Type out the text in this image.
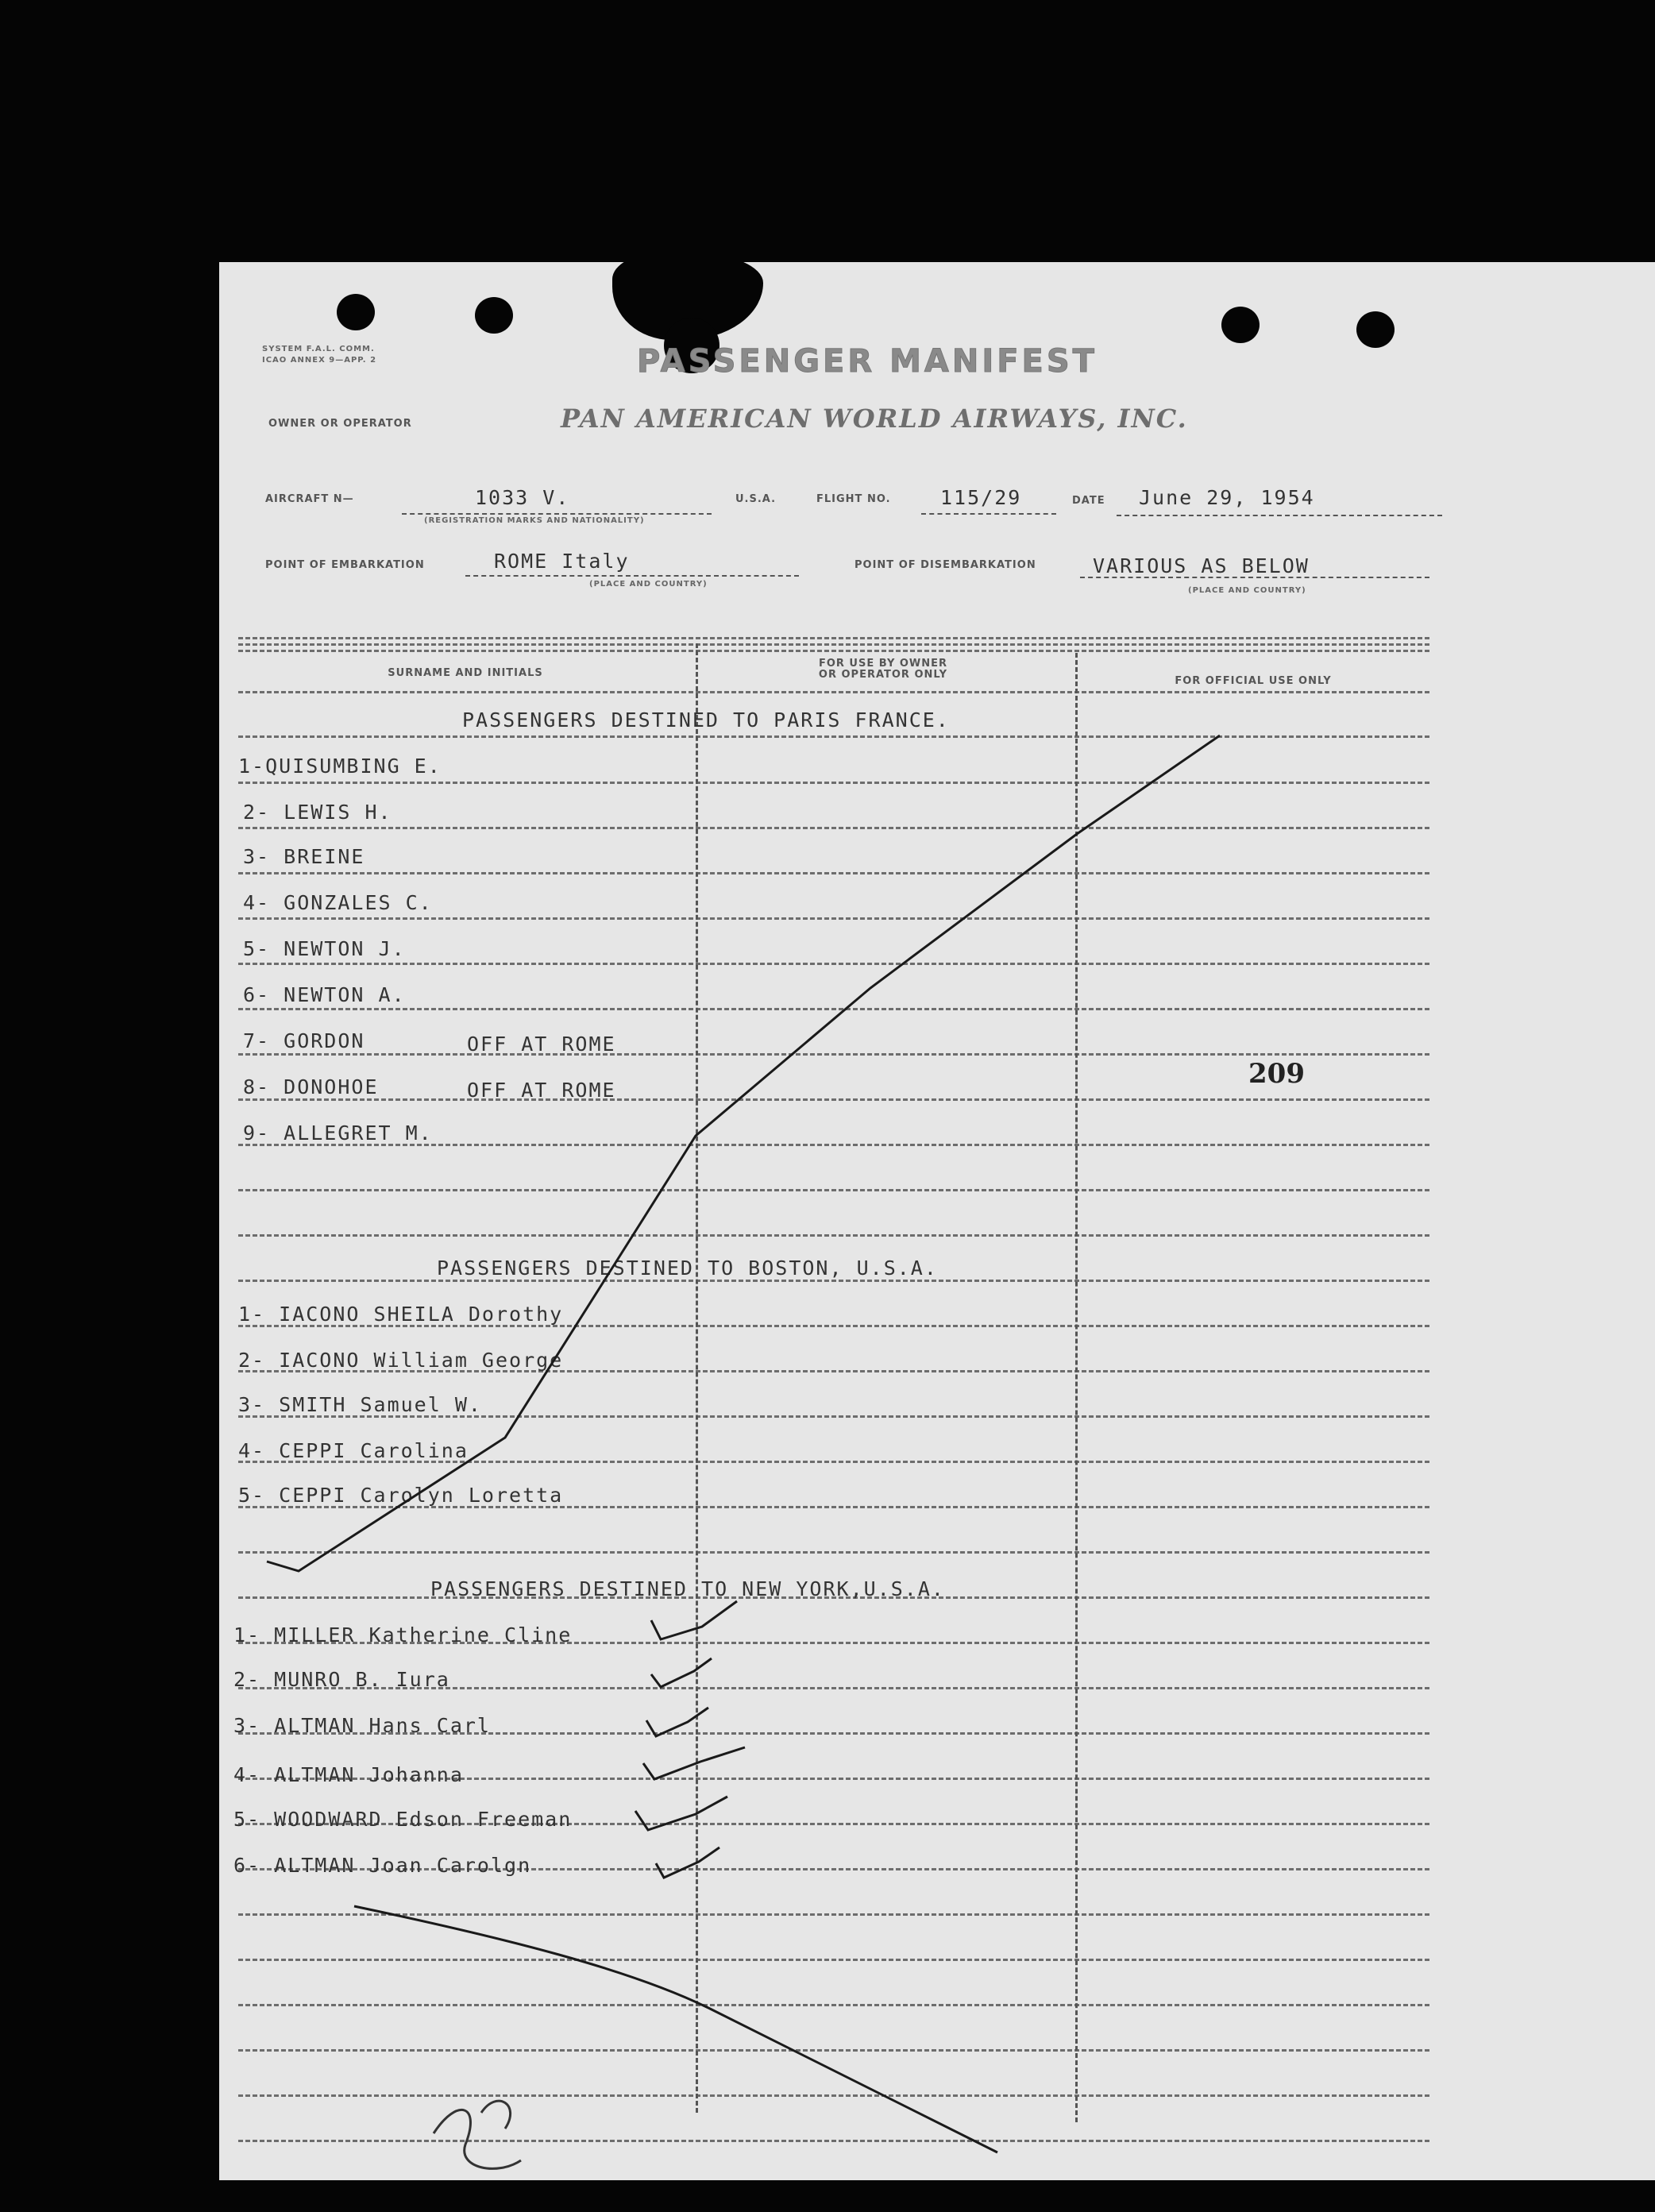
SYSTEM F.A.L. COMM.
ICAO ANNEX 9—APP. 2	PASSENGER MANIFEST
OWNER OR OPERATOR	PAN AMERICAN WORLD AIRWAYS, INC.
AIRCRAFT N—	1033 V.
(REGISTRATION MARKS AND NATIONALITY)
U.S.A.	FLIGHT NO. 115/29	DATE June 29, 1954
POINT OF EMBARKATION	ROME Italy
(PLACE AND COUNTRY)
POINT OF DISEMBARKATION	VARIOUS AS BELOW
(PLACE AND COUNTRY)
SURNAME AND INITIALS
FOR USE BY OWNER
OR OPERATOR ONLY
FOR OFFICIAL USE ONLY
PASSENGERS DESTINED TO PARIS FRANCE.
1-QUISUMBING E.
2- LEWIS H.
3- BREINE
4- GONZALES C.
5- NEWTON J.
6- NEWTON A.
7- GORDON	OFF AT ROME
8- DONOHOE	OFF AT ROME
9- ALLEGRET M.
PASSENGERS DESTINED TO BOSTON, U.S.A.
1- IACONO SHEILA Dorothy
2- IACONO William George
3- SMITH Samuel W.
4- CEPPI Carolina
5- CEPPI Carolyn Loretta
PASSENGERS DESTINED TO NEW YORK,U.S.A.
1- MILLER Katherine Cline
2- MUNRO B. Iura
3- ALTMAN Hans Carl
4- ALTMAN Johanna
5- WOODWARD Edson Freeman
6- ALTMAN Joan Carolgn
209
